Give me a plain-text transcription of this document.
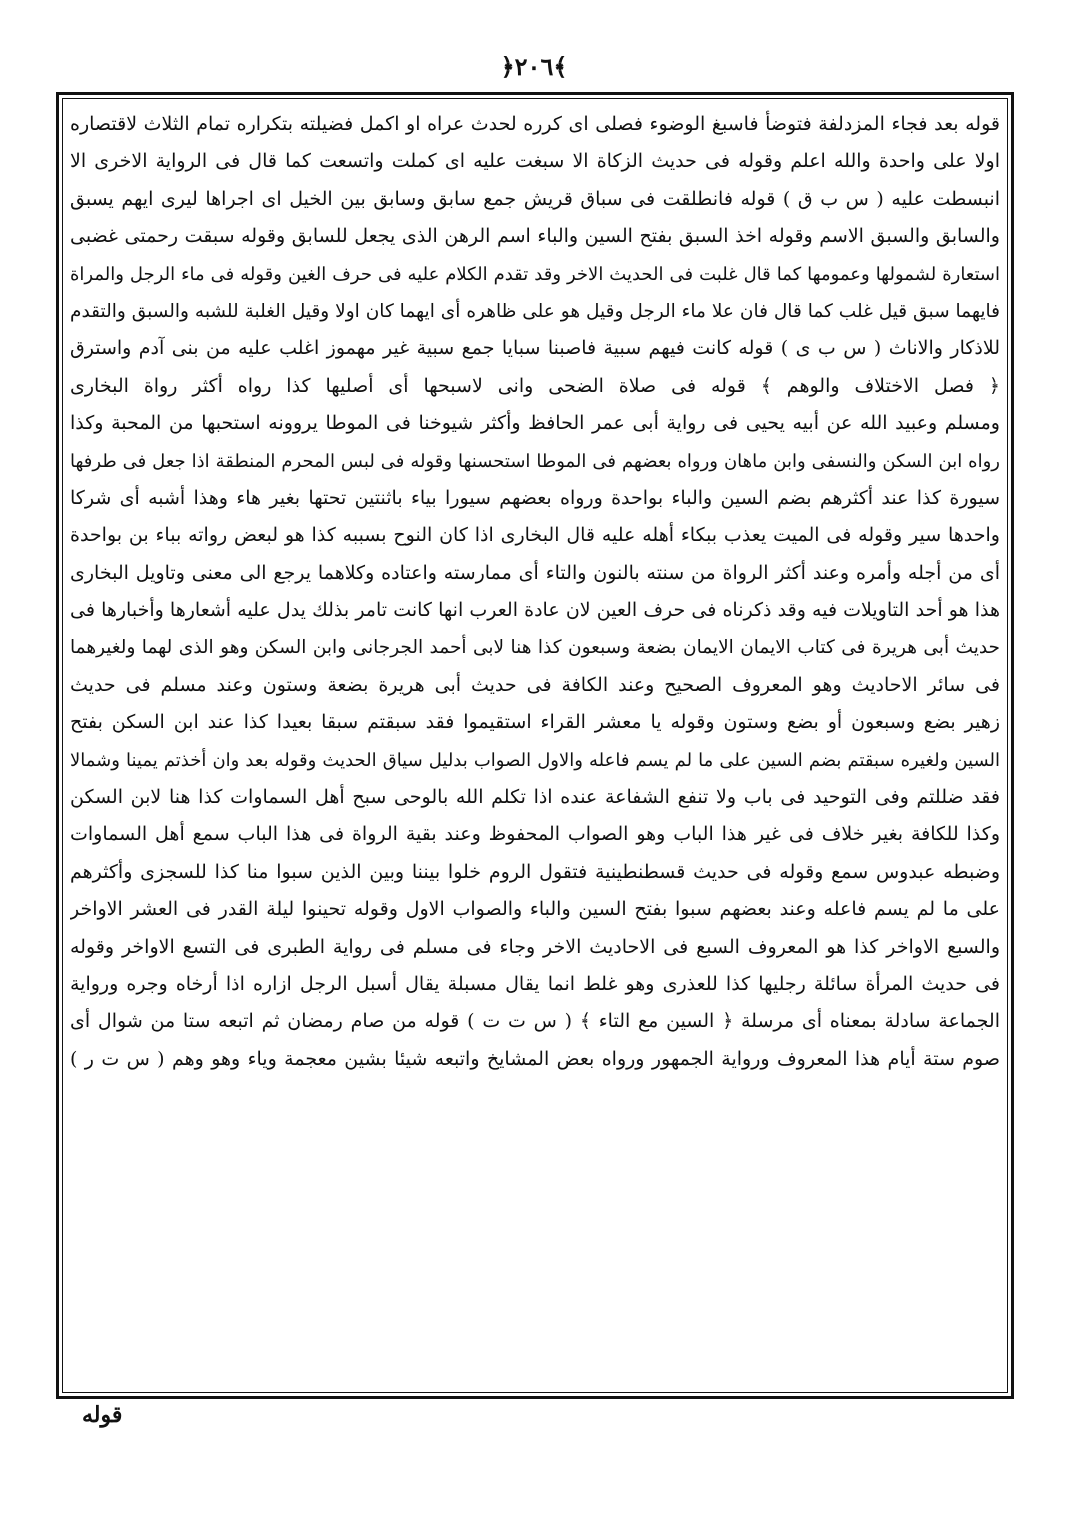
﴿٢٠٦﴾
قوله بعد فجاء المزدلفة فتوضأ فاسبغ الوضوء فصلى اى كرره لحدث عراه او اكمل فضيلته بتكراره تمام الثلاث لاقتصاره
اولا على واحدة والله اعلم وقوله فى حديث الزكاة الا سبغت عليه اى كملت واتسعت كما قال فى الرواية الاخرى الا
انبسطت عليه ( س ب ق ) قوله فانطلقت فى سباق قريش جمع سابق وسابق بين الخيل اى اجراها ليرى ايهم يسبق
والسابق والسبق الاسم وقوله اخذ السبق بفتح السين والباء اسم الرهن الذى يجعل للسابق وقوله سبقت رحمتى غضبى
استعارة لشمولها وعمومها كما قال غلبت فى الحديث الاخر وقد تقدم الكلام عليه فى حرف الغين وقوله فى ماء الرجل والمراة
فايهما سبق قيل غلب كما قال فان علا ماء الرجل وقيل هو على ظاهره أى ايهما كان اولا وقيل الغلبة للشبه والسبق والتقدم
للاذكار والاناث ( س ب ى ) قوله كانت فيهم سبية فاصبنا سبايا جمع سبية غير مهموز اغلب عليه من بنى آدم واسترق
﴿ فصل الاختلاف والوهم ﴾ قوله فى صلاة الضحى وانى لاسبحها أى أصليها كذا رواه أكثر رواة البخارى
ومسلم وعبيد الله عن أبيه يحيى فى رواية أبى عمر الحافظ وأكثر شيوخنا فى الموطا يروونه استحبها من المحبة وكذا
رواه ابن السكن والنسفى وابن ماهان ورواه بعضهم فى الموطا استحسنها وقوله فى لبس المحرم المنطقة اذا جعل فى طرفها
سيورة كذا عند أكثرهم بضم السين والباء بواحدة ورواه بعضهم سيورا بياء باثنتين تحتها بغير هاء وهذا أشبه أى شركا
واحدها سير وقوله فى الميت يعذب ببكاء أهله عليه قال البخارى اذا كان النوح بسببه كذا هو لبعض رواته بباء بن بواحدة
أى من أجله وأمره وعند أكثر الرواة من سنته بالنون والتاء أى ممارسته واعتاده وكلاهما يرجع الى معنى وتاويل البخارى
هذا هو أحد التاويلات فيه وقد ذكرناه فى حرف العين لان عادة العرب انها كانت تامر بذلك يدل عليه أشعارها وأخبارها فى
حديث أبى هريرة فى كتاب الايمان الايمان بضعة وسبعون كذا هنا لابى أحمد الجرجانى وابن السكن وهو الذى لهما ولغيرهما
فى سائر الاحاديث وهو المعروف الصحيح وعند الكافة فى حديث أبى هريرة بضعة وستون وعند مسلم فى حديث
زهير بضع وسبعون أو بضع وستون وقوله يا معشر القراء استقيموا فقد سبقتم سبقا بعيدا كذا عند ابن السكن بفتح
السين ولغيره سبقتم بضم السين على ما لم يسم فاعله والاول الصواب بدليل سياق الحديث وقوله بعد وان أخذتم يمينا وشمالا
فقد ضللتم وفى التوحيد فى باب ولا تنفع الشفاعة عنده اذا تكلم الله بالوحى سبح أهل السماوات كذا هنا لابن السكن
وكذا للكافة بغير خلاف فى غير هذا الباب وهو الصواب المحفوظ وعند بقية الرواة فى هذا الباب سمع أهل السماوات
وضبطه عبدوس سمع وقوله فى حديث قسطنطينية فتقول الروم خلوا بيننا وبين الذين سبوا منا كذا للسجزى وأكثرهم
على ما لم يسم فاعله وعند بعضهم سبوا بفتح السين والباء والصواب الاول وقوله تحينوا ليلة القدر فى العشر الاواخر
والسبع الاواخر كذا هو المعروف السبع فى الاحاديث الاخر وجاء فى مسلم فى رواية الطبرى فى التسع الاواخر وقوله
فى حديث المرأة سائلة رجليها كذا للعذرى وهو غلط انما يقال مسبلة يقال أسبل الرجل ازاره اذا أرخاه وجره ورواية
الجماعة سادلة بمعناه أى مرسلة ﴿ السين مع التاء ﴾ ( س ت ت ) قوله من صام رمضان ثم اتبعه ستا من شوال أى
صوم ستة أيام هذا المعروف ورواية الجمهور ورواه بعض المشايخ واتبعه شيئا بشين معجمة وياء وهو وهم ( س ت ر )
قوله
